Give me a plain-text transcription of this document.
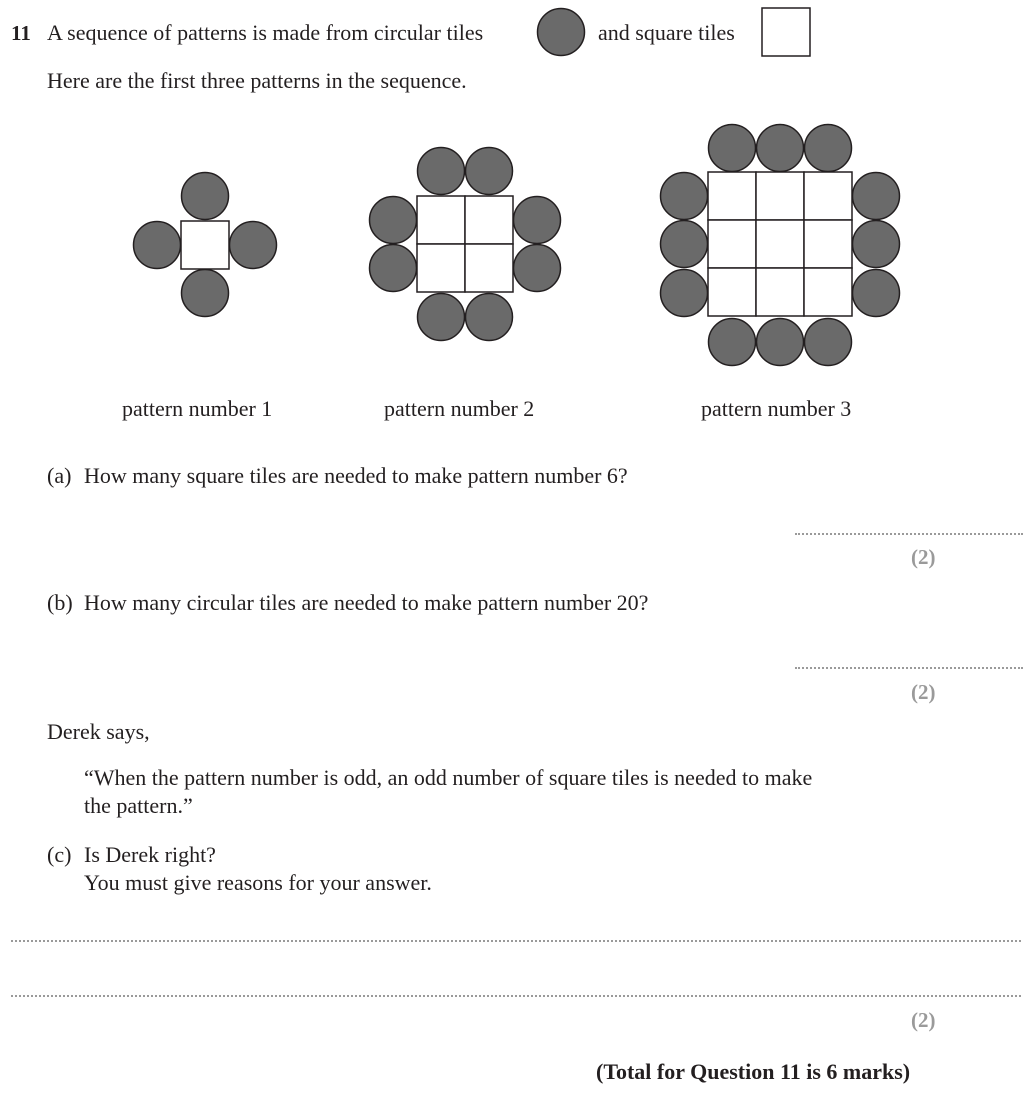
11 A sequence of patterns is made from circular tiles	and square tiles
Here are the first three patterns in the sequence.
pattern number 1	pattern number 2	pattern number 3
(a) How many square tiles are needed to make pattern number 6?
(2)
(b) How many circular tiles are needed to make pattern number 20?
(2)
Derek says,
“When the pattern number is odd, an odd number of square tiles is needed to make
the pattern.”
(c) Is Derek right?
You must give reasons for your answer.
(2)
(Total for Question 11 is 6 marks)
